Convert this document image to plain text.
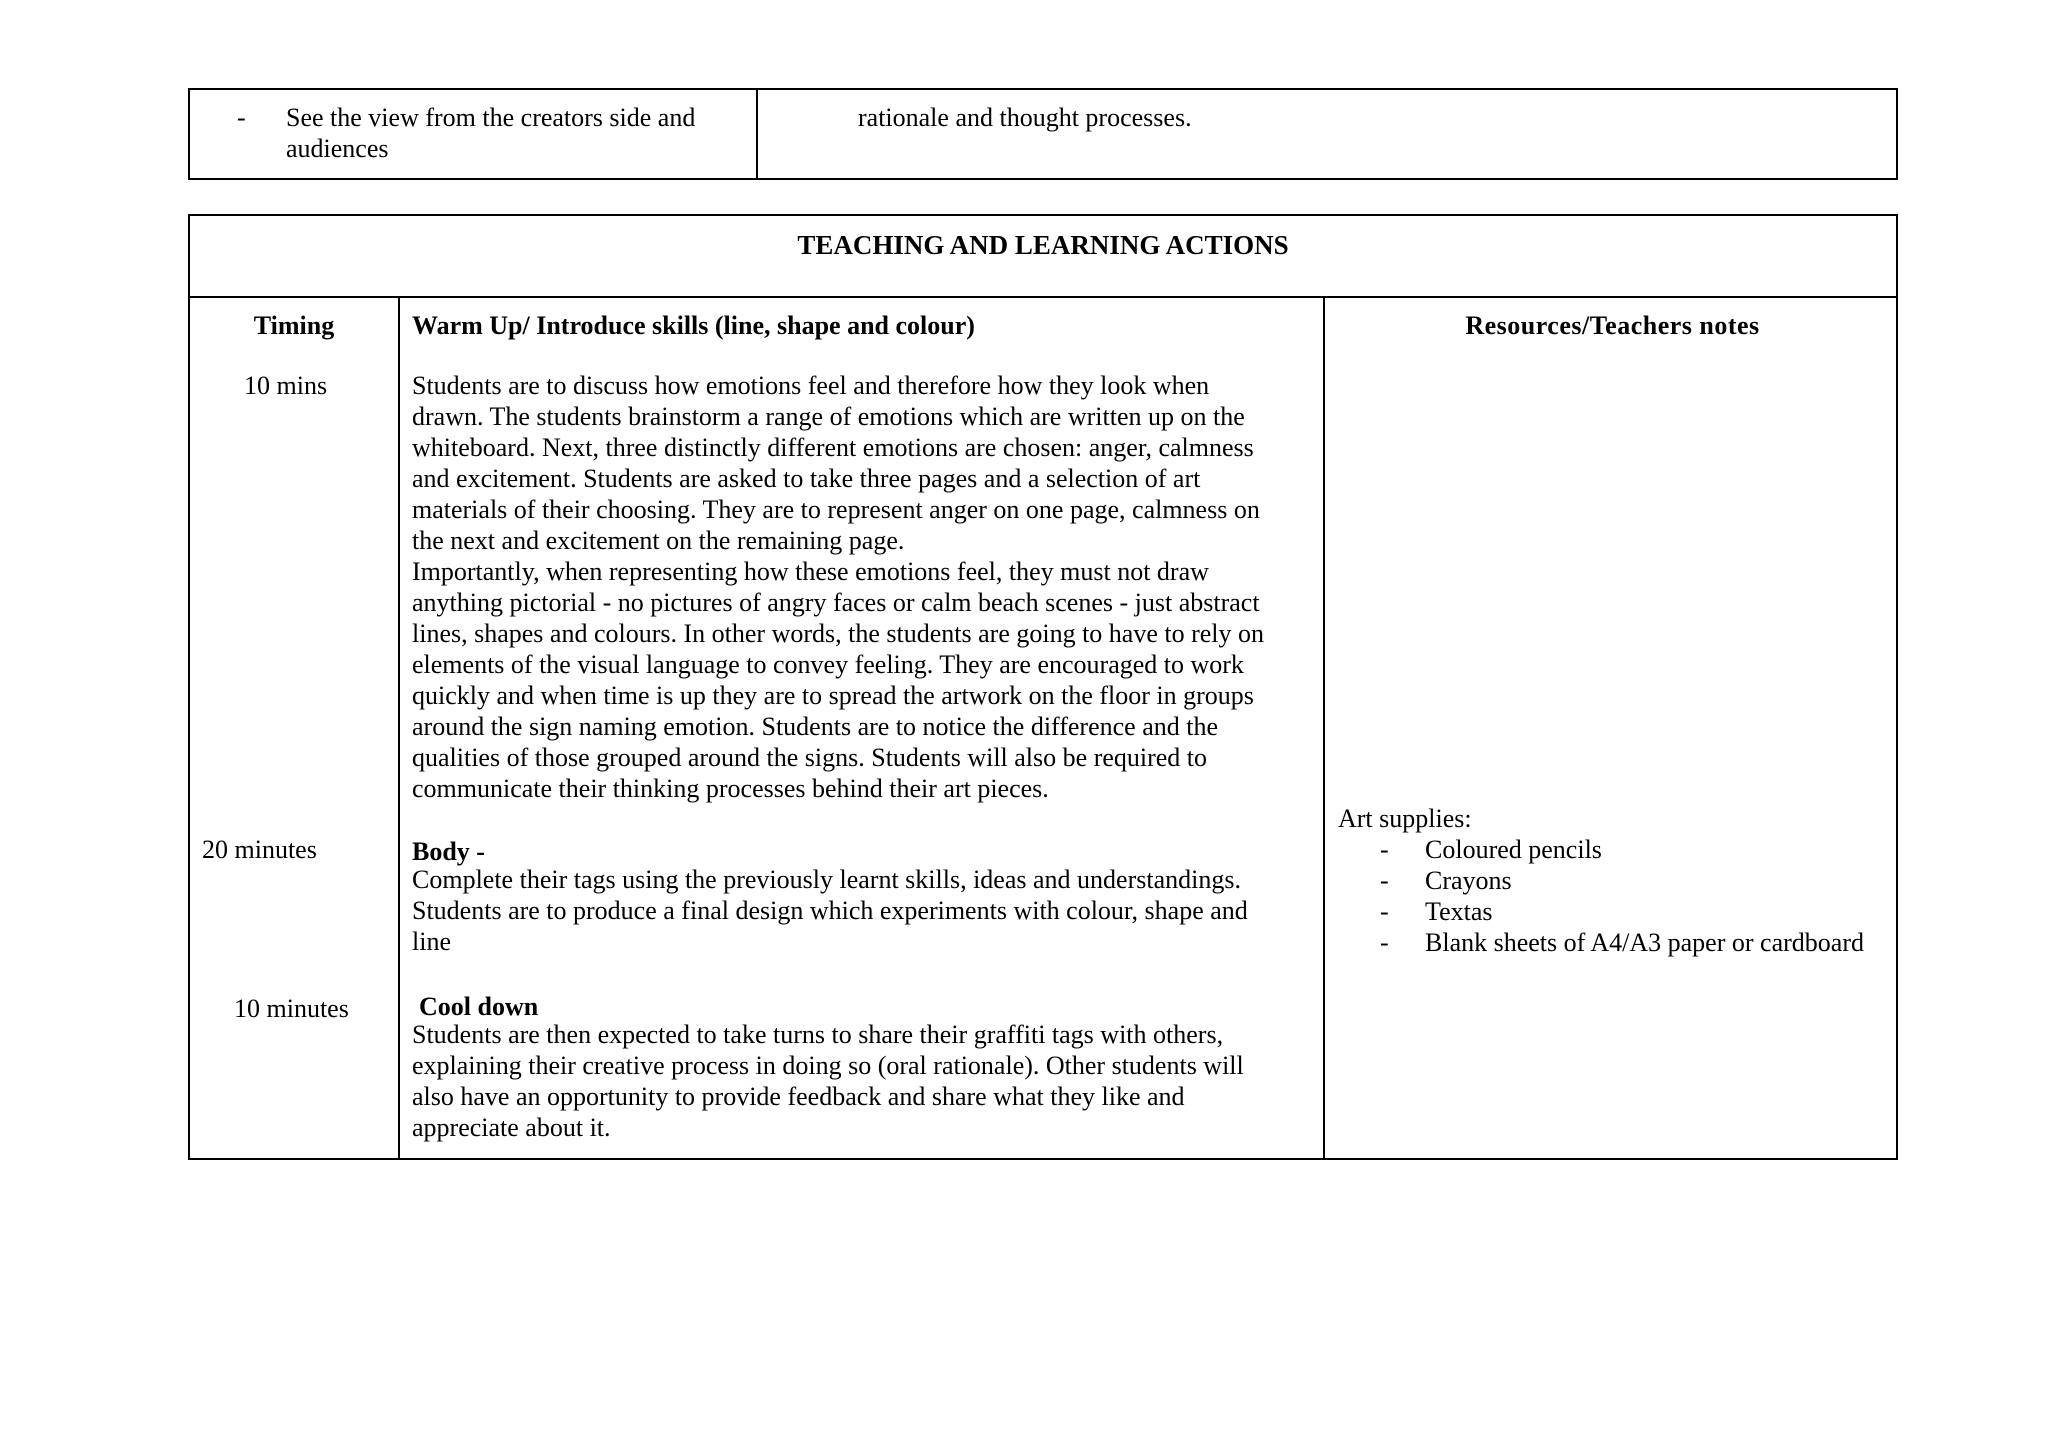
- See the view from the creators side and
audiences
rationale and thought processes.
TEACHING AND LEARNING ACTIONS
Timing	Warm Up/ Introduce skills (line, shape and colour)	Resources/Teachers notes
10 mins
20 minutes
10 minutes
Students are to discuss how emotions feel and therefore how they look when
drawn. The students brainstorm a range of emotions which are written up on the
whiteboard. Next, three distinctly different emotions are chosen: anger, calmness
and excitement. Students are asked to take three pages and a selection of art
materials of their choosing. They are to represent anger on one page, calmness on
the next and excitement on the remaining page.
Importantly, when representing how these emotions feel, they must not draw
anything pictorial - no pictures of angry faces or calm beach scenes - just abstract
lines, shapes and colours. In other words, the students are going to have to rely on
elements of the visual language to convey feeling. They are encouraged to work
quickly and when time is up they are to spread the artwork on the floor in groups
around the sign naming emotion. Students are to notice the difference and the
qualities of those grouped around the signs. Students will also be required to
communicate their thinking processes behind their art pieces.
Body -
Complete their tags using the previously learnt skills, ideas and understandings.
Students are to produce a final design which experiments with colour, shape and
line
Cool down
Students are then expected to take turns to share their graffiti tags with others,
explaining their creative process in doing so (oral rationale). Other students will
also have an opportunity to provide feedback and share what they like and
appreciate about it.
Art supplies:
- Coloured pencils
- Crayons
- Textas
- Blank sheets of A4/A3 paper or cardboard
